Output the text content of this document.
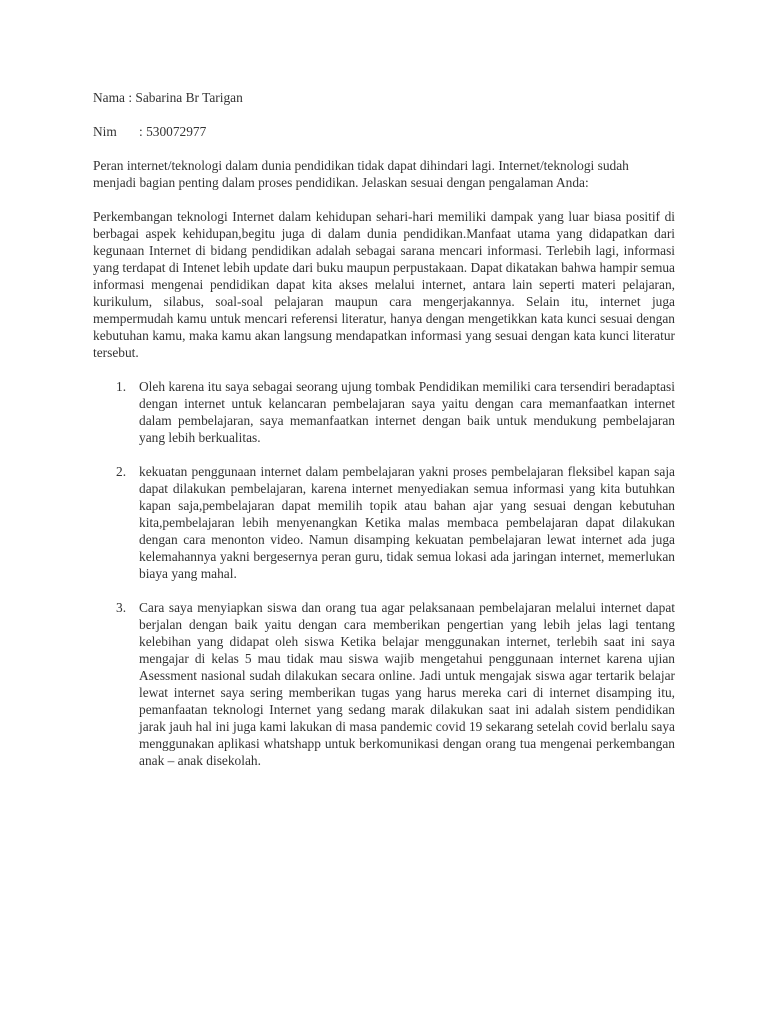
Nama : Sabarina Br Tarigan

Nim	: 530072977

Peran internet/teknologi dalam dunia pendidikan tidak dapat dihindari lagi. Internet/teknologi sudah menjadi bagian penting dalam proses pendidikan. Jelaskan sesuai dengan pengalaman Anda:

Perkembangan teknologi Internet dalam kehidupan sehari-hari memiliki dampak yang luar biasa positif di berbagai aspek kehidupan,begitu juga di dalam dunia pendidikan.Manfaat utama yang didapatkan dari kegunaan Internet di bidang pendidikan adalah sebagai sarana mencari informasi. Terlebih lagi, informasi yang terdapat di Intenet lebih update dari buku maupun perpustakaan. Dapat dikatakan bahwa hampir semua informasi mengenai pendidikan dapat kita akses melalui internet, antara lain seperti materi pelajaran, kurikulum, silabus, soal-soal pelajaran maupun cara mengerjakannya. Selain itu, internet juga mempermudah kamu untuk mencari referensi literatur, hanya dengan mengetikkan kata kunci sesuai dengan kebutuhan kamu, maka kamu akan langsung mendapatkan informasi yang sesuai dengan kata kunci literatur tersebut.

1. Oleh karena itu saya sebagai seorang ujung tombak Pendidikan memiliki cara tersendiri beradaptasi dengan internet untuk kelancaran pembelajaran saya yaitu dengan cara memanfaatkan internet dalam pembelajaran, saya memanfaatkan internet dengan baik untuk mendukung pembelajaran yang lebih berkualitas.
2. kekuatan penggunaan internet dalam pembelajaran yakni proses pembelajaran fleksibel kapan saja dapat dilakukan pembelajaran, karena internet menyediakan semua informasi yang kita butuhkan kapan saja,pembelajaran dapat memilih topik atau bahan ajar yang sesuai dengan kebutuhan kita,pembelajaran lebih menyenangkan Ketika malas membaca pembelajaran dapat dilakukan dengan cara menonton video. Namun disamping kekuatan pembelajaran lewat internet ada juga kelemahannya yakni bergesernya peran guru, tidak semua lokasi ada jaringan internet, memerlukan biaya yang mahal.
3. Cara saya menyiapkan siswa dan orang tua agar pelaksanaan pembelajaran melalui internet dapat berjalan dengan baik yaitu dengan cara memberikan pengertian yang lebih jelas lagi tentang kelebihan yang didapat oleh siswa Ketika belajar menggunakan internet, terlebih saat ini saya mengajar di kelas 5 mau tidak mau siswa wajib mengetahui penggunaan internet karena ujian Asessment nasional sudah dilakukan secara online. Jadi untuk mengajak siswa agar tertarik belajar lewat internet saya sering memberikan tugas yang harus mereka cari di internet disamping itu, pemanfaatan teknologi Internet yang sedang marak dilakukan saat ini adalah sistem pendidikan jarak jauh hal ini juga kami lakukan di masa pandemic covid 19 sekarang setelah covid berlalu saya menggunakan aplikasi whatshapp untuk berkomunikasi dengan orang tua mengenai perkembangan anak – anak disekolah.
